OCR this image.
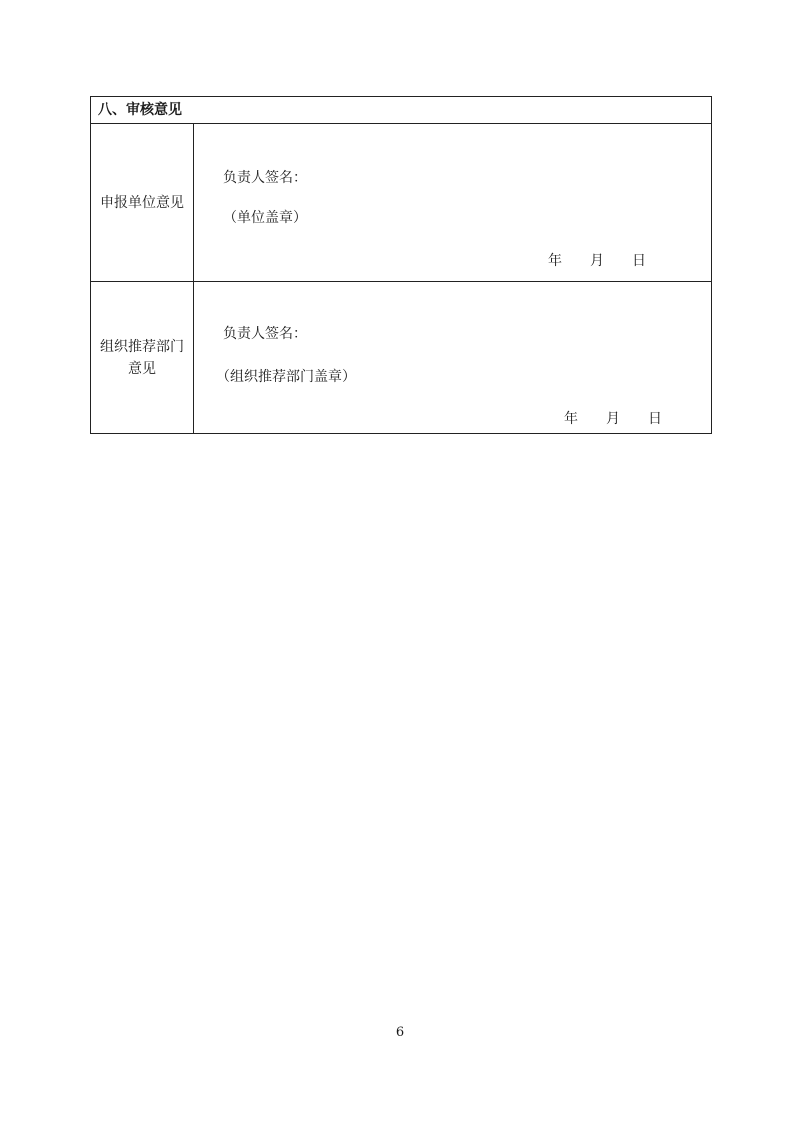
八、审核意见
申报单位意见
负责人签名：
（单位盖章）
年 月 日
组织推荐部门意见
负责人签名：
（组织推荐部门盖章）
年 月 日
6
